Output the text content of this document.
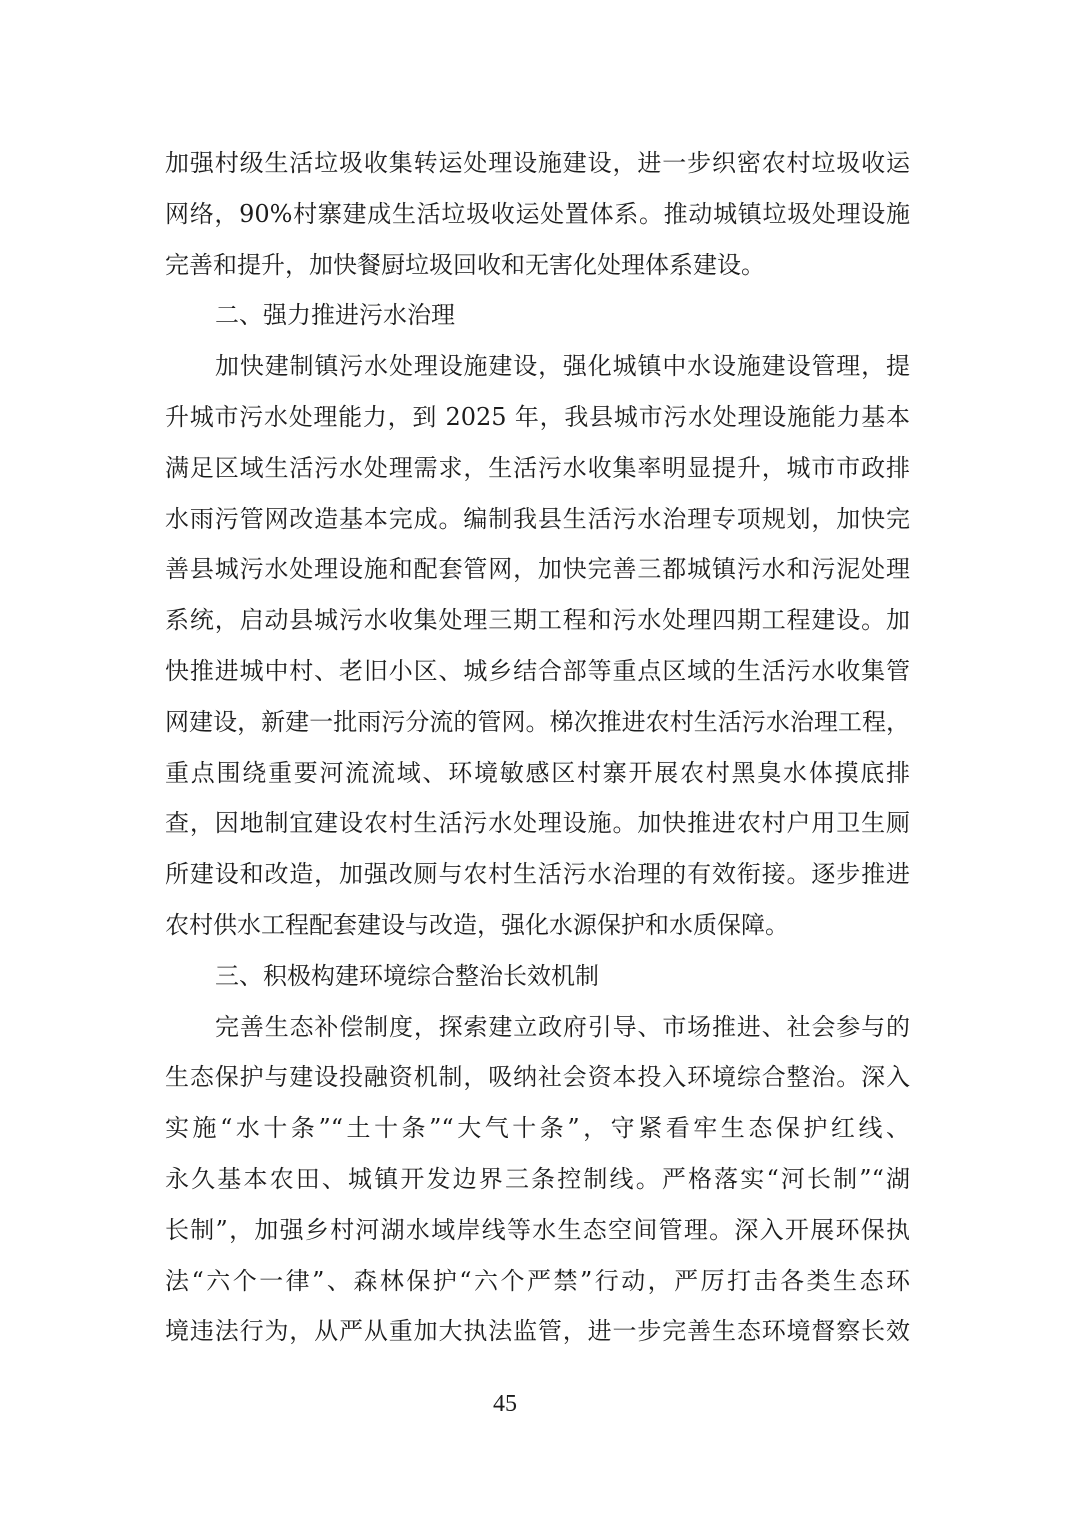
加强村级生活垃圾收集转运处理设施建设，进一步织密农村垃圾收运
网络，90%村寨建成生活垃圾收运处置体系。推动城镇垃圾处理设施
完善和提升，加快餐厨垃圾回收和无害化处理体系建设。
二、强力推进污水治理
加快建制镇污水处理设施建设，强化城镇中水设施建设管理，提
升城市污水处理能力，到 2025 年，我县城市污水处理设施能力基本
满足区域生活污水处理需求，生活污水收集率明显提升，城市市政排
水雨污管网改造基本完成。编制我县生活污水治理专项规划，加快完
善县城污水处理设施和配套管网，加快完善三都城镇污水和污泥处理
系统，启动县城污水收集处理三期工程和污水处理四期工程建设。加
快推进城中村、老旧小区、城乡结合部等重点区域的生活污水收集管
网建设，新建一批雨污分流的管网。梯次推进农村生活污水治理工程，
重点围绕重要河流流域、环境敏感区村寨开展农村黑臭水体摸底排
查，因地制宜建设农村生活污水处理设施。加快推进农村户用卫生厕
所建设和改造，加强改厕与农村生活污水治理的有效衔接。逐步推进
农村供水工程配套建设与改造，强化水源保护和水质保障。
三、积极构建环境综合整治长效机制
完善生态补偿制度，探索建立政府引导、市场推进、社会参与的
生态保护与建设投融资机制，吸纳社会资本投入环境综合整治。深入
实施“水十条”“土十条”“大气十条”，守紧看牢生态保护红线、
永久基本农田、城镇开发边界三条控制线。严格落实“河长制”“湖
长制”，加强乡村河湖水域岸线等水生态空间管理。深入开展环保执
法“六个一律”、森林保护“六个严禁”行动，严厉打击各类生态环
境违法行为，从严从重加大执法监管，进一步完善生态环境督察长效
45
